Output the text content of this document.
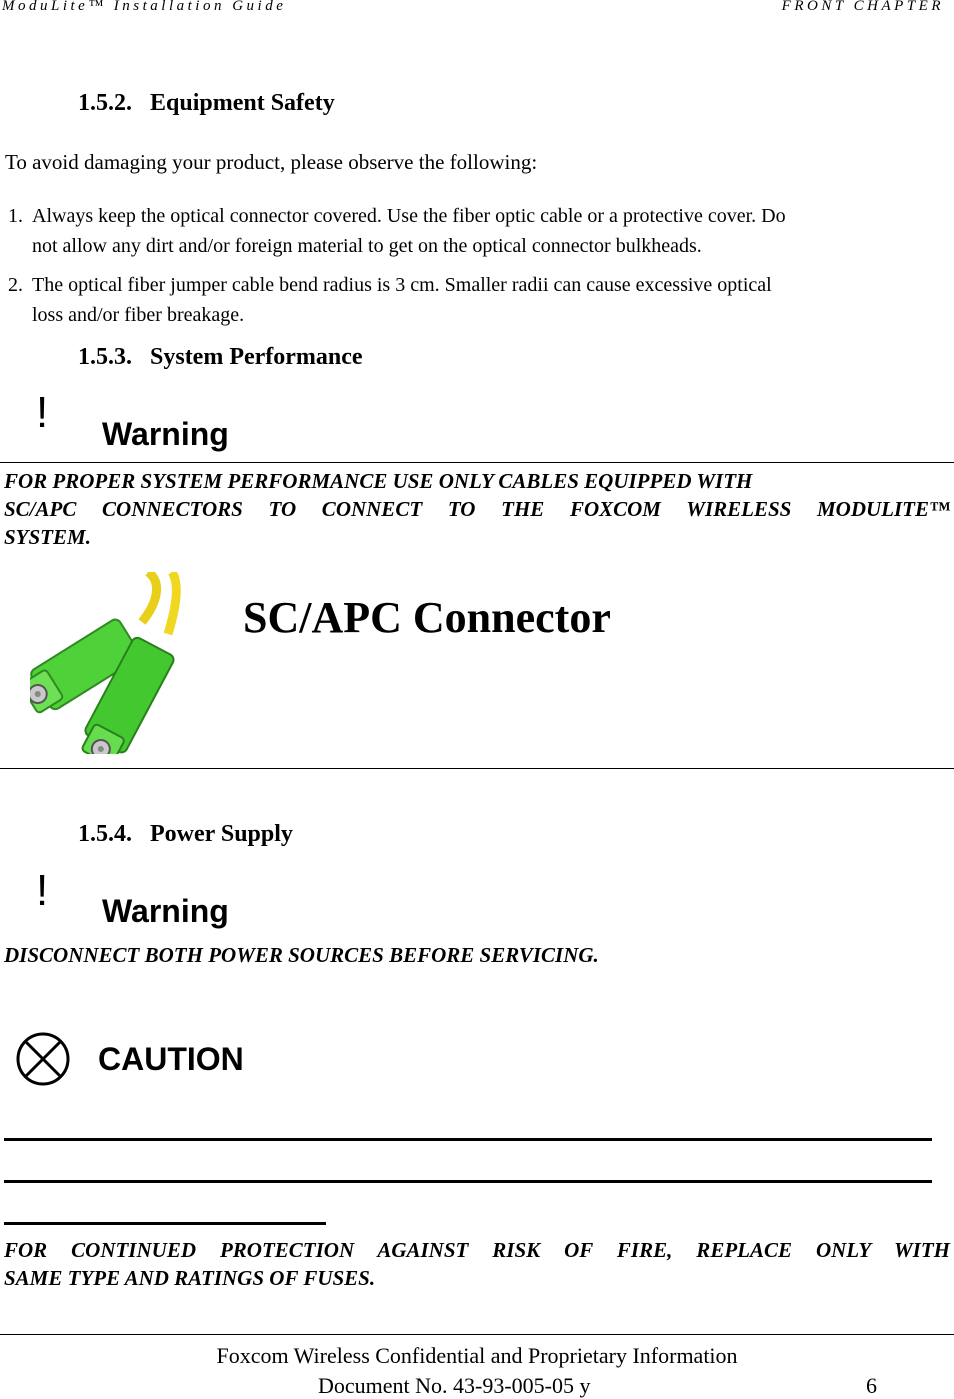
ModuLite™ Installation Guide	FRONT CHAPTER
1.5.2. Equipment Safety
To avoid damaging your product, please observe the following:
1. Always keep the optical connector covered. Use the fiber optic cable or a protective cover. Do
not allow any dirt and/or foreign material to get on the optical connector bulkheads.
2. The optical fiber jumper cable bend radius is 3 cm. Smaller radii can cause excessive optical
loss and/or fiber breakage.
1.5.3. System Performance
! Warning
FOR PROPER SYSTEM PERFORMANCE USE ONLY CABLES EQUIPPED WITH
SC/APC CONNECTORS TO CONNECT TO THE FOXCOM WIRELESS MODULITE™
SYSTEM.
SC/APC Connector
1.5.4. Power Supply
! Warning
DISCONNECT BOTH POWER SOURCES BEFORE SERVICING.
CAUTION
FOR CONTINUED PROTECTION AGAINST RISK OF FIRE, REPLACE ONLY WITH
SAME TYPE AND RATINGS OF FUSES.
Foxcom Wireless Confidential and Proprietary Information
Document No. 43-93-005-05 y	6
